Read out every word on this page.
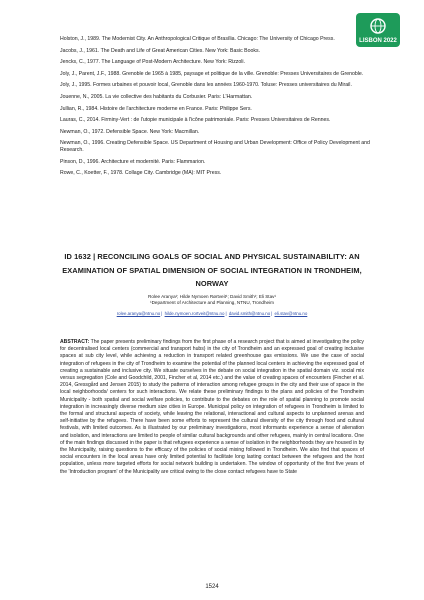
LISBON 2022

Holston, J., 1989. The Modernist City. An Anthropological Critique of Brasília. Chicago: The University of Chicago Press.

Jacobs, J., 1961. The Death and Life of Great American Cities. New York: Basic Books.

Jencks, C., 1977. The Language of Post-Modern Architecture. New York: Rizzoli.

Joly, J., Parent, J.F., 1988. Grenoble de 1965 à 1985, paysage et politique de la ville. Grenoble: Presses Universitaires de Grenoble.

Joly, J., 1995. Formes urbaines et pouvoir local, Grenoble dans les années 1960-1970. Toluse: Presses universitaires du Mirail.

Jouenne, N., 2005. La vie collective des habitants du Corbusier. Paris: L'Harmattan.

Jullian, R., 1984. Histoire de l'architecture moderne en France. Paris: Philippe Sers.

Lauras, C., 2014. Firminy-Vert : de l'utopie municipale à l'icône patrimoniale. Paris: Presses Universitaires de Rennes.

Newman, O., 1972. Defensible Space. New York: Macmillan.

Newman, O., 1996. Creating Defensible Space. US Department of Housing and Urban Development: Office of Policy Development and Research.

Pinson, D., 1996. Architecture et modernité. Paris: Flammarion.

Rowe, C., Koetter, F., 1978. Collage City. Cambridge (MA): MIT Press.

ID 1632 | RECONCILING GOALS OF SOCIAL AND PHYSICAL SUSTAINABILITY: AN EXAMINATION OF SPATIAL DIMENSION OF SOCIAL INTEGRATION IN TRONDHEIM, NORWAY
Rolee Aranya¹; Hilde Nymoen Rørtveit¹; David Smith¹; Eli Stav¹
¹Department of Architecture and Planning, NTNU, Trondheim
rolee.aranya@ntnu.no| hilde.nymoen.rortveit@ntnu.no| david.smith@ntnu.no| eli.stav@ntnu.no
ABSTRACT: The paper presents preliminary findings from the first phase of a research project that is aimed at investigating the policy for decentralised local centers (commercial and transport hubs) in the city of Trondheim and an expressed goal of creating inclusive spaces at sub city level, while achieving a reduction in transport related greenhouse gas emissions. We use the case of social integration of refugees in the city of Trondheim to examine the potential of the planned local centers in achieving the expressed goal of creating a sustainable and inclusive city. We situate ourselves in the debate on social integration in the spatial domain viz. social mix versus segregation (Cole and Goodchild, 2001, Fincher et al, 2014 etc.) and the value of creating spaces of encounters (Fincher et al. 2014, Gressgård and Jensen 2015) to study the patterns of interaction among refugee groups in the city and their use of space in the local neighborhoods/ centers for such interactions. We relate these preliminary findings to the plans and policies of the Trondheim Municipality - both spatial and social welfare policies, to contribute to the debates on the role of spatial planning to promote social integration in increasingly diverse medium size cities in Europe. Municipal policy on integration of refugees in Trondheim is limited to the formal and structural aspects of society, while leaving the relational, interactional and cultural aspects to unplanned arenas and self-initiative by the refugees. There have been some efforts to represent the cultural diversity of the city through food and cultural festivals, with limited outcomes. As is illustrated by our preliminary investigations, most informants experience a sense of alienation and isolation, and interactions are limited to people of similar cultural backgrounds and other refugees, mainly in central locations. One of the main findings discussed in the paper is that refugees experience a sense of isolation in the neighborhoods they are housed in by the Municipality, raising questions to the efficacy of the policies of social mixing followed in Trondheim. We also find that spaces of social encounters in the local areas have only limited potential to facilitate long lasting contact between the refugees and the host population, unless more targeted efforts for social network building is undertaken. The window of opportunity of the first five years of the 'Introduction program' of the Municipality are critical owing to the close contact refugees have to State
1524
